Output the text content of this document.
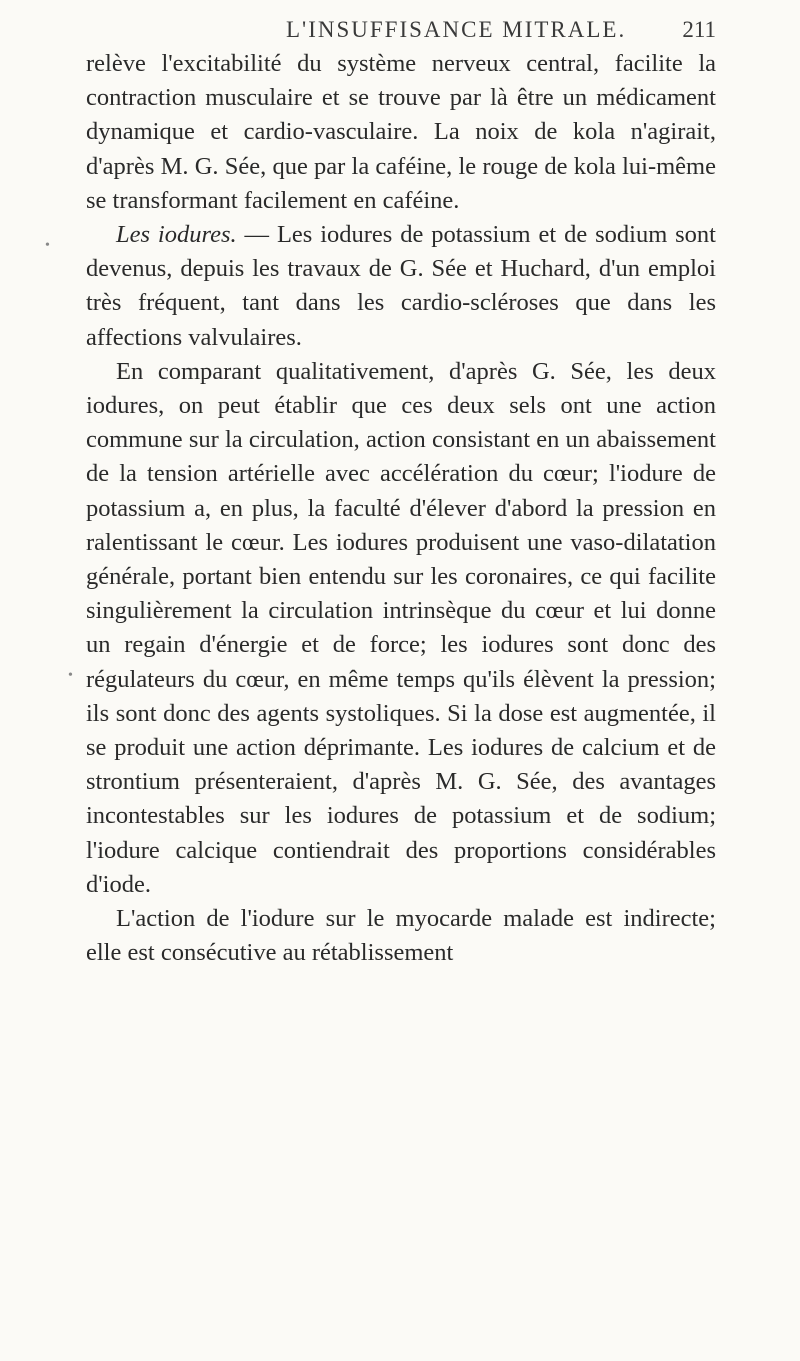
L'INSUFFISANCE MITRALE. 211
•
•

relève l'excitabilité du système nerveux central, facilite la contraction musculaire et se trouve par là être un médicament dynamique et cardio-vasculaire. La noix de kola n'agirait, d'après M. G. Sée, que par la caféine, le rouge de kola lui-même se transformant facilement en caféine.

Les iodures. — Les iodures de potassium et de sodium sont devenus, depuis les travaux de G. Sée et Huchard, d'un emploi très fréquent, tant dans les cardio-scléroses que dans les affections valvulaires.

En comparant qualitativement, d'après G. Sée, les deux iodures, on peut établir que ces deux sels ont une action commune sur la circulation, action consistant en un abaissement de la tension artérielle avec accélération du cœur; l'iodure de potassium a, en plus, la faculté d'élever d'abord la pression en ralentissant le cœur. Les iodures produisent une vaso-dilatation générale, portant bien entendu sur les coronaires, ce qui facilite singulièrement la circulation intrinsèque du cœur et lui donne un regain d'énergie et de force; les iodures sont donc des régulateurs du cœur, en même temps qu'ils élèvent la pression; ils sont donc des agents systoliques. Si la dose est augmentée, il se produit une action déprimante. Les iodures de calcium et de strontium présenteraient, d'après M. G. Sée, des avantages incontestables sur les iodures de potassium et de sodium; l'iodure calcique contiendrait des proportions considérables d'iode.

L'action de l'iodure sur le myocarde malade est indirecte; elle est consécutive au rétablissement
